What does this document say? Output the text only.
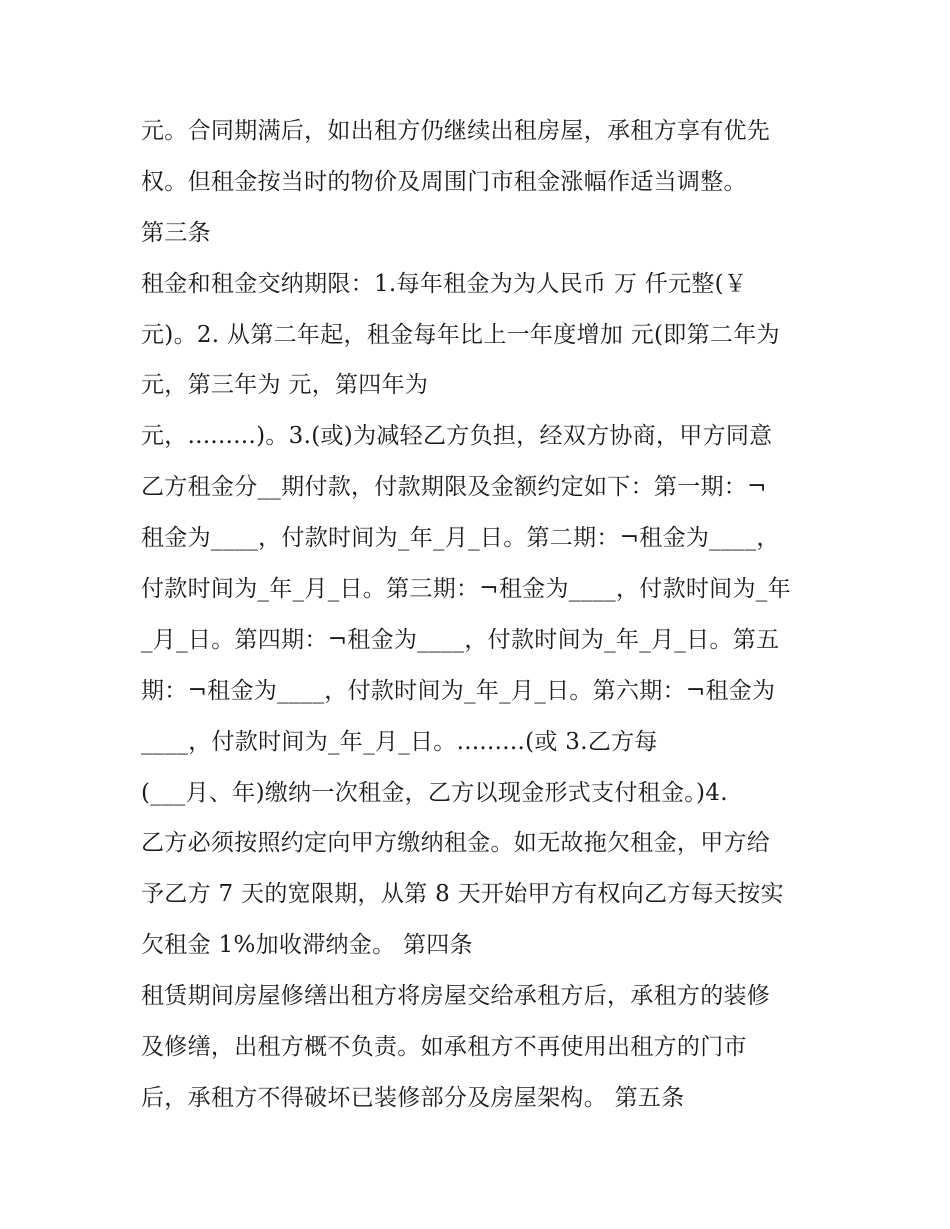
元。合同期满后，如出租方仍继续出租房屋，承租方享有优先
权。但租金按当时的物价及周围门市租金涨幅作适当调整。
第三条
租金和租金交纳期限：1.每年租金为为人民币 万 仟元整(￥
元)。2. 从第二年起，租金每年比上一年度增加 元(即第二年为
元，第三年为 元，第四年为
元，.........)。3.(或)为减轻乙方负担，经双方协商，甲方同意
乙方租金分__期付款，付款期限及金额约定如下：第一期：¬
租金为____，付款时间为_年_月_日。第二期：¬租金为____，
付款时间为_年_月_日。第三期：¬租金为____，付款时间为_年
_月_日。第四期：¬租金为____，付款时间为_年_月_日。第五
期：¬租金为____，付款时间为_年_月_日。第六期：¬租金为
____，付款时间为_年_月_日。.........(或 3.乙方每
(___月、年)缴纳一次租金，乙方以现金形式支付租金。)4.
乙方必须按照约定向甲方缴纳租金。如无故拖欠租金，甲方给
予乙方 7 天的宽限期，从第 8 天开始甲方有权向乙方每天按实
欠租金 1%加收滞纳金。 第四条
租赁期间房屋修缮出租方将房屋交给承租方后，承租方的装修
及修缮，出租方概不负责。如承租方不再使用出租方的门市
后，承租方不得破坏已装修部分及房屋架构。 第五条
